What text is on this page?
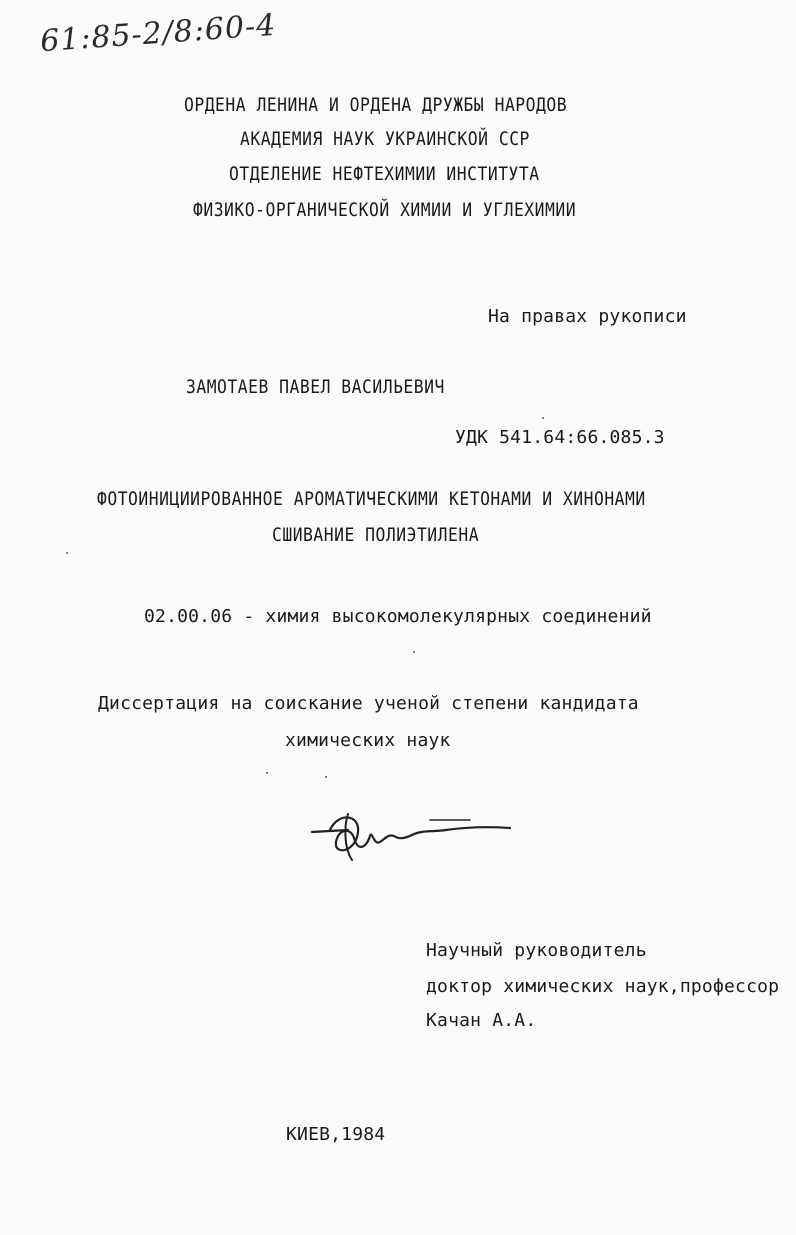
61:85-2/8:60-4
ОРДЕНА ЛЕНИНА И ОРДЕНА ДРУЖБЫ НАРОДОВ
АКАДЕМИЯ НАУК УКРАИНСКОЙ ССР
ОТДЕЛЕНИЕ НЕФТЕХИМИИ ИНСТИТУТА
ФИЗИКО-ОРГАНИЧЕСКОЙ ХИМИИ И УГЛЕХИМИИ
На правах рукописи
ЗАМОТАЕВ ПАВЕЛ ВАСИЛЬЕВИЧ
УДК 541.64:66.085.3
ФОТОИНИЦИИРОВАННОЕ АРОМАТИЧЕСКИМИ КЕТОНАМИ И ХИНОНАМИ
СШИВАНИЕ ПОЛИЭТИЛЕНА
02.00.06 - химия высокомолекулярных соединений
Диссертация на соискание ученой степени кандидата
химических наук
Научный руководитель
доктор химических наук,профессор
Качан А.А.
КИЕВ,1984
